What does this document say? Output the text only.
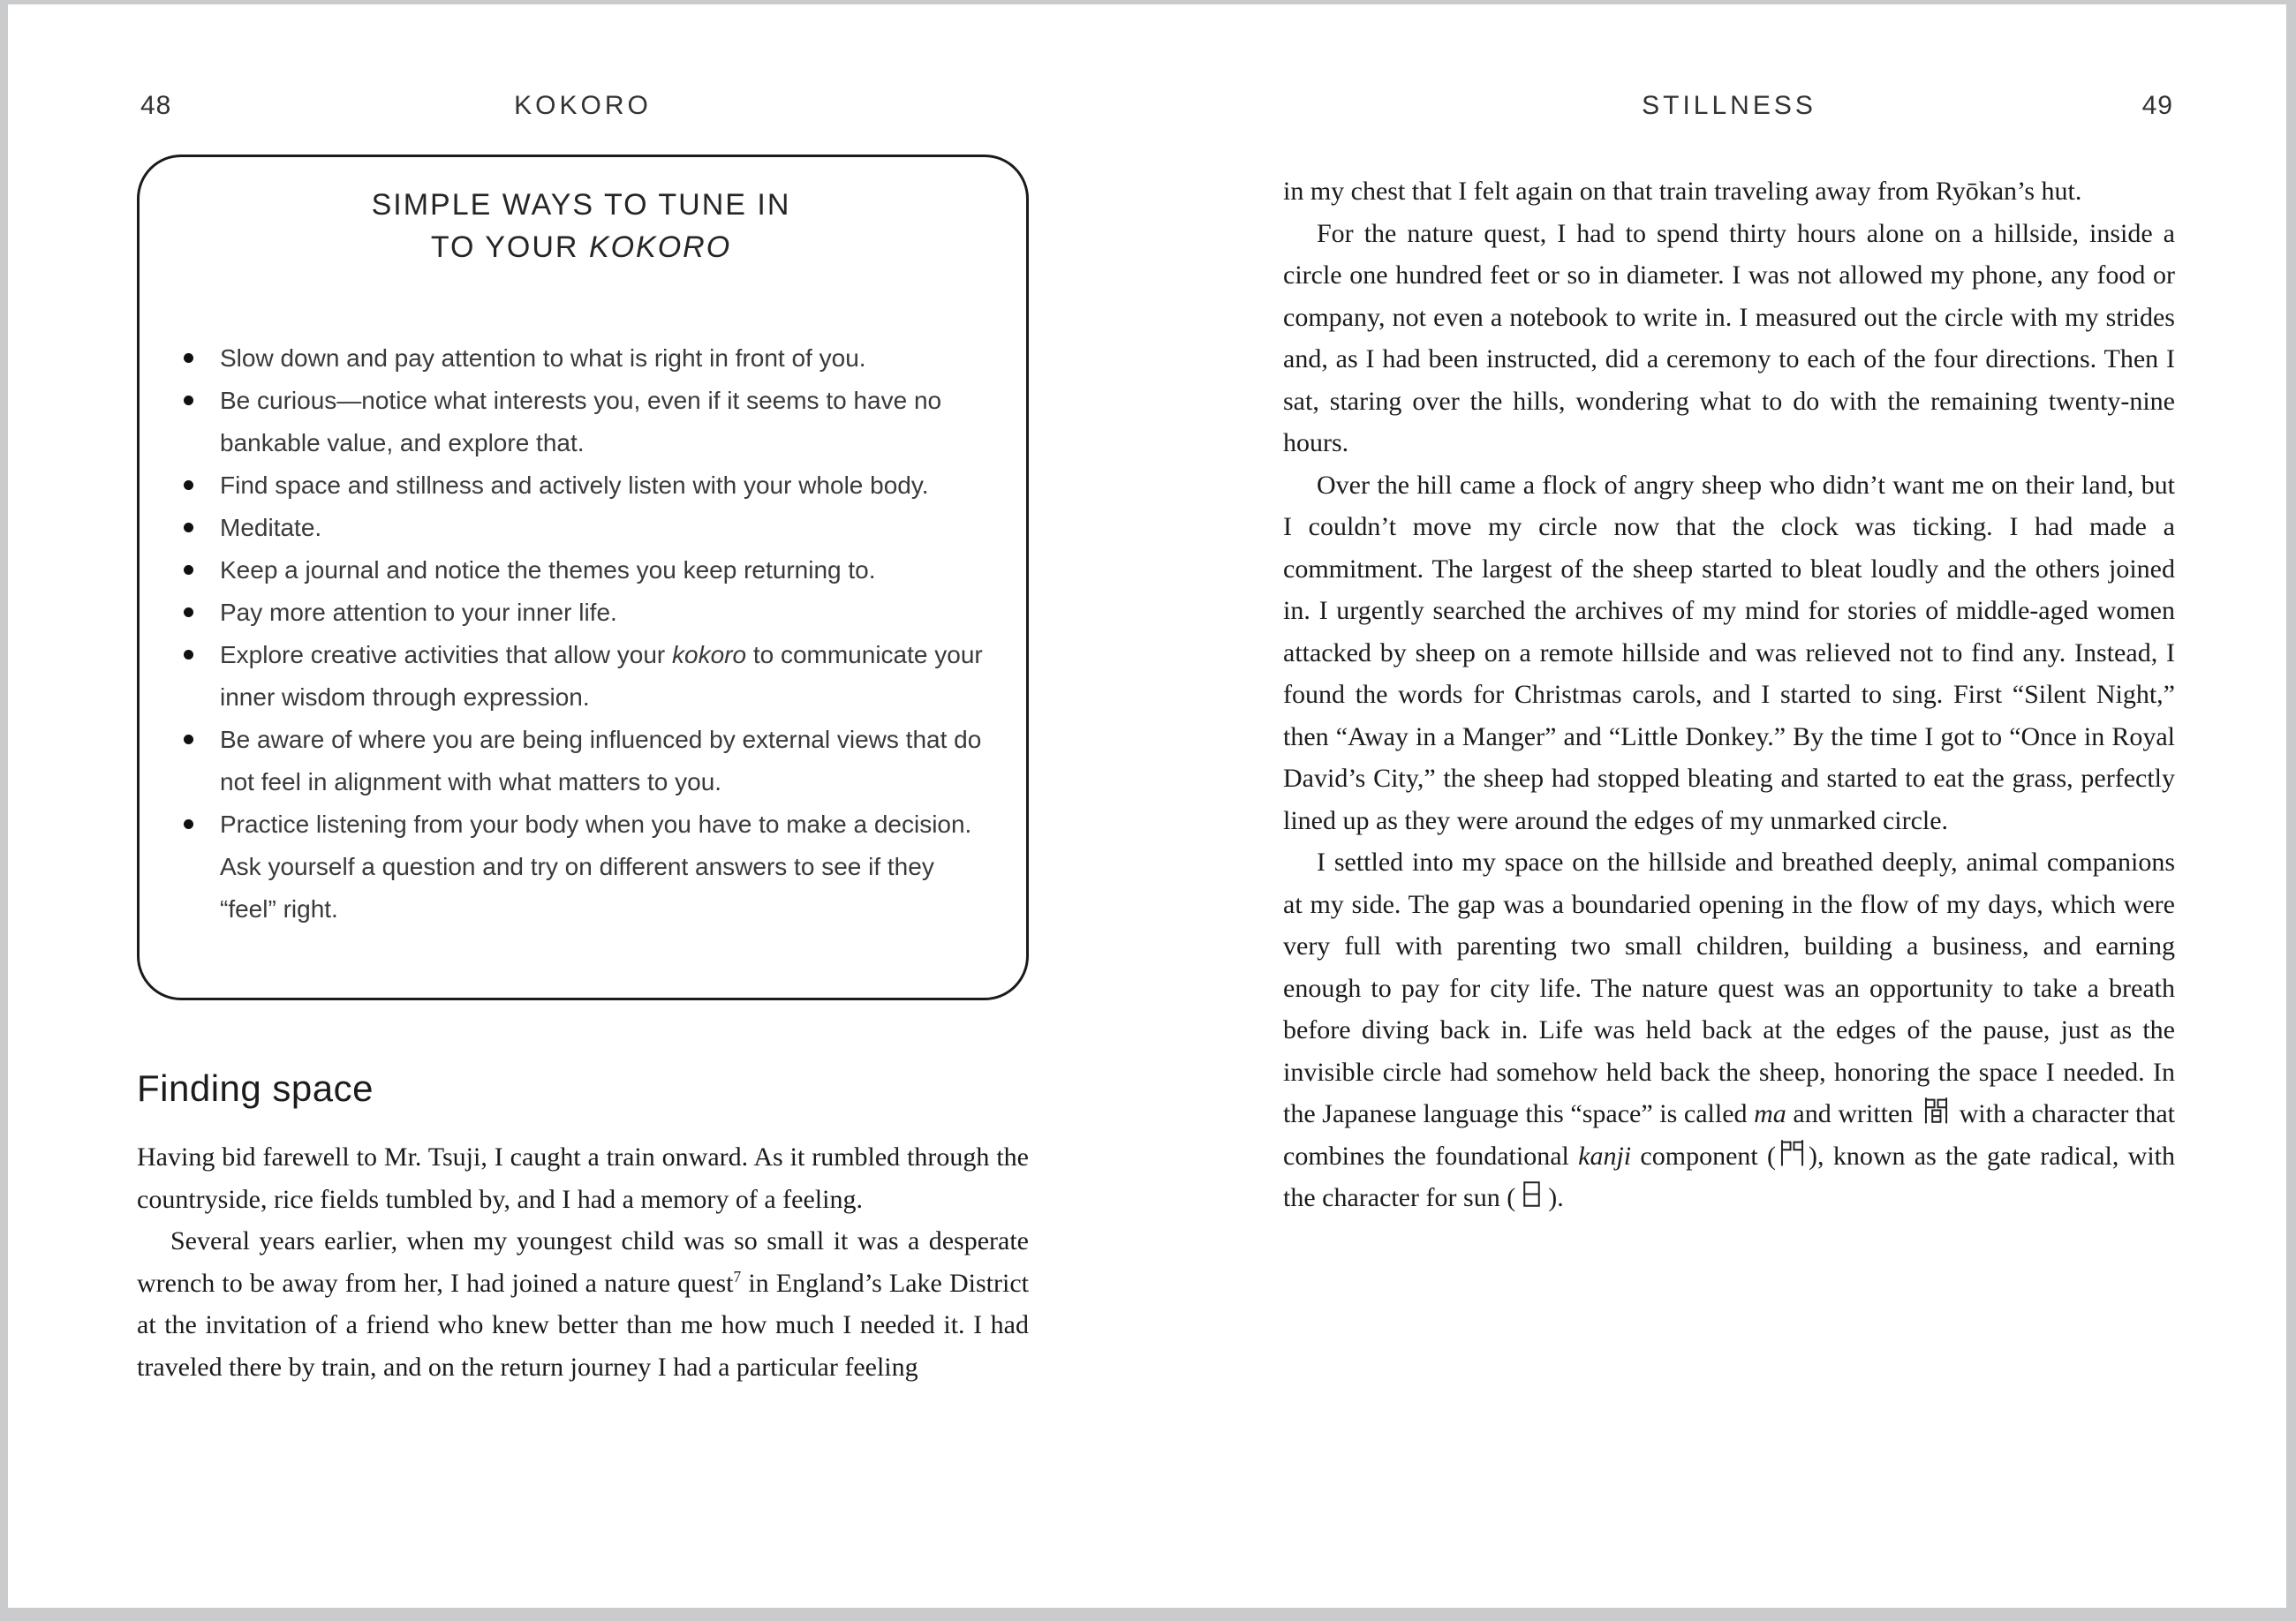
48	KOKORO
SIMPLE WAYS TO TUNE IN
TO YOUR KOKORO
Slow down and pay attention to what is right in front of you.
Be curious—notice what interests you, even if it seems to have no bankable value, and explore that.
Find space and stillness and actively listen with your whole body.
Meditate.
Keep a journal and notice the themes you keep returning to.
Pay more attention to your inner life.
Explore creative activities that allow your kokoro to communicate your inner wisdom through expression.
Be aware of where you are being influenced by external views that do not feel in alignment with what matters to you.
Practice listening from your body when you have to make a decision. Ask yourself a question and try on different answers to see if they “feel” right.
Finding space

Having bid farewell to Mr. Tsuji, I caught a train onward. As it rumbled through the countryside, rice fields tumbled by, and I had a memory of a feeling.

Several years earlier, when my youngest child was so small it was a desperate wrench to be away from her, I had joined a nature quest$^7$ in England’s Lake District at the invitation of a friend who knew better than me how much I needed it. I had traveled there by train, and on the return journey I had a particular feeling

STILLNESS	49

in my chest that I felt again on that train traveling away from Ryōkan’s hut.

For the nature quest, I had to spend thirty hours alone on a hillside, inside a circle one hundred feet or so in diameter. I was not allowed my phone, any food or company, not even a notebook to write in. I measured out the circle with my strides and, as I had been instructed, did a ceremony to each of the four directions. Then I sat, staring over the hills, wondering what to do with the remaining twenty-nine hours.

Over the hill came a flock of angry sheep who didn’t want me on their land, but I couldn’t move my circle now that the clock was ticking. I had made a commitment. The largest of the sheep started to bleat loudly and the others joined in. I urgently searched the archives of my mind for stories of middle-aged women attacked by sheep on a remote hillside and was relieved not to find any. Instead, I found the words for Christmas carols, and I started to sing. First “Silent Night,” then “Away in a Manger” and “Little Donkey.” By the time I got to “Once in Royal David’s City,” the sheep had stopped bleating and started to eat the grass, perfectly lined up as they were around the edges of my unmarked circle.

I settled into my space on the hillside and breathed deeply, animal companions at my side. The gap was a boundaried opening in the flow of my days, which were very full with parenting two small children, building a business, and earning enough to pay for city life. The nature quest was an opportunity to take a breath before diving back in. Life was held back at the edges of the pause, just as the invisible circle had somehow held back the sheep, honoring the space I needed. In the Japanese language this “space” is called ma and written  with a character that combines the foundational kanji component ( ), known as the gate radical, with the character for sun ( ).
